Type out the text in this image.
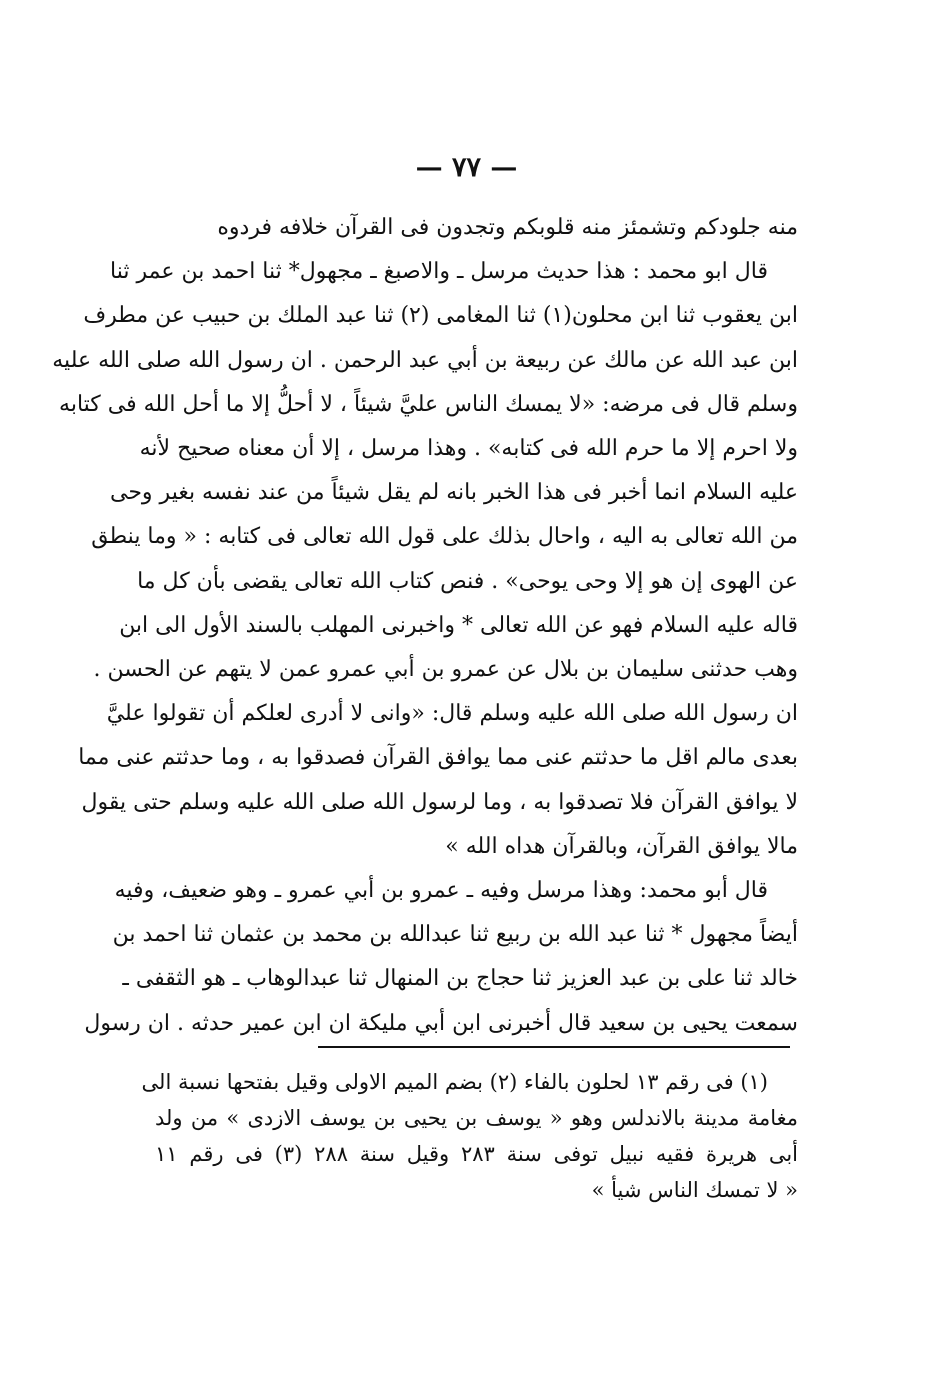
— ٧٧ —
منه جلودكم وتشمئز منه قلوبكم وتجدون فى القرآن خلافه فردوه
قال ابو محمد : هذا حديث مرسل ـ والاصبغ ـ مجهول* ثنا احمد بن عمر ثنا
ابن يعقوب ثنا ابن محلون(١) ثنا المغامى (٢) ثنا عبد الملك بن حبيب عن مطرف
ابن عبد الله عن مالك عن ربيعة بن أبي عبد الرحمن . ان رسول الله صلى الله عليه
وسلم قال فى مرضه: «لا يمسك الناس عليَّ شيئاً ، لا أحلُّ إلا ما أحل الله فى كتابه
ولا احرم إلا ما حرم الله فى كتابه» . وهذا مرسل ، إلا أن معناه صحيح لأنه
عليه السلام انما أخبر فى هذا الخبر بانه لم يقل شيئاً من عند نفسه بغير وحى
من الله تعالى به اليه ، واحال بذلك على قول الله تعالى فى كتابه : « وما ينطق
عن الهوى إن هو إلا وحى يوحى» . فنص كتاب الله تعالى يقضى بأن كل ما
قاله عليه السلام فهو عن الله تعالى * واخبرنى المهلب بالسند الأول الى ابن
وهب حدثنى سليمان بن بلال عن عمرو بن أبي عمرو عمن لا يتهم عن الحسن .
ان رسول الله صلى الله عليه وسلم قال: «وانى لا أدرى لعلكم أن تقولوا عليَّ
بعدى مالم اقل ما حدثتم عنى مما يوافق القرآن فصدقوا به ، وما حدثتم عنى مما
لا يوافق القرآن فلا تصدقوا به ، وما لرسول الله صلى الله عليه وسلم حتى يقول
مالا يوافق القرآن، وبالقرآن هداه الله »
قال أبو محمد: وهذا مرسل وفيه ـ عمرو بن أبي عمرو ـ وهو ضعيف، وفيه
أيضاً مجهول * ثنا عبد الله بن ربيع ثنا عبدالله بن محمد بن عثمان ثنا احمد بن
خالد ثنا على بن عبد العزيز ثنا حجاج بن المنهال ثنا عبدالوهاب ـ هو الثقفى ـ
سمعت يحيى بن سعيد قال أخبرنى ابن أبي مليكة ان ابن عمير حدثه . ان رسول
(١) فى رقم ١٣ لحلون بالفاء (٢) بضم الميم الاولى وقيل بفتحها نسبة الى
مغامة مدينة بالاندلس وهو « يوسف بن يحيى بن يوسف الازدى » من ولد
أبى هريرة فقيه نبيل توفى سنة ٢٨٣ وقيل سنة ٢٨٨ (٣) فى رقم ١١
« لا تمسك الناس شيأ »
